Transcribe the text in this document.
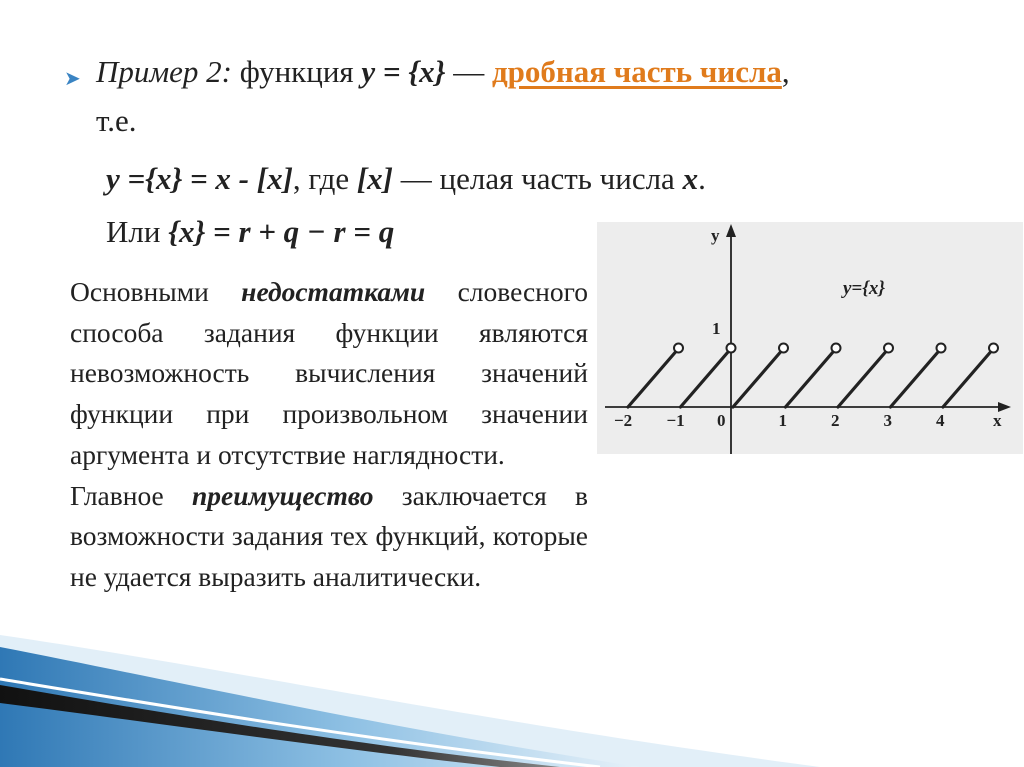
➤ Пример 2: функция y = {x} — дробная часть числа,
т.е.
y ={x} = x - [x], где [x] — целая часть числа x.
Или {x} = r + q − r = q

Основными недостатками словесного способа задания функции являются невозможность вычисления значений функции при произвольном значении аргумента и отсутствие наглядности.

Главное преимущество заключается в возможности задания тех функций, которые не удается выразить аналитически.

y
x
1
y={x}
−2 −1 0	1	2	3	4
